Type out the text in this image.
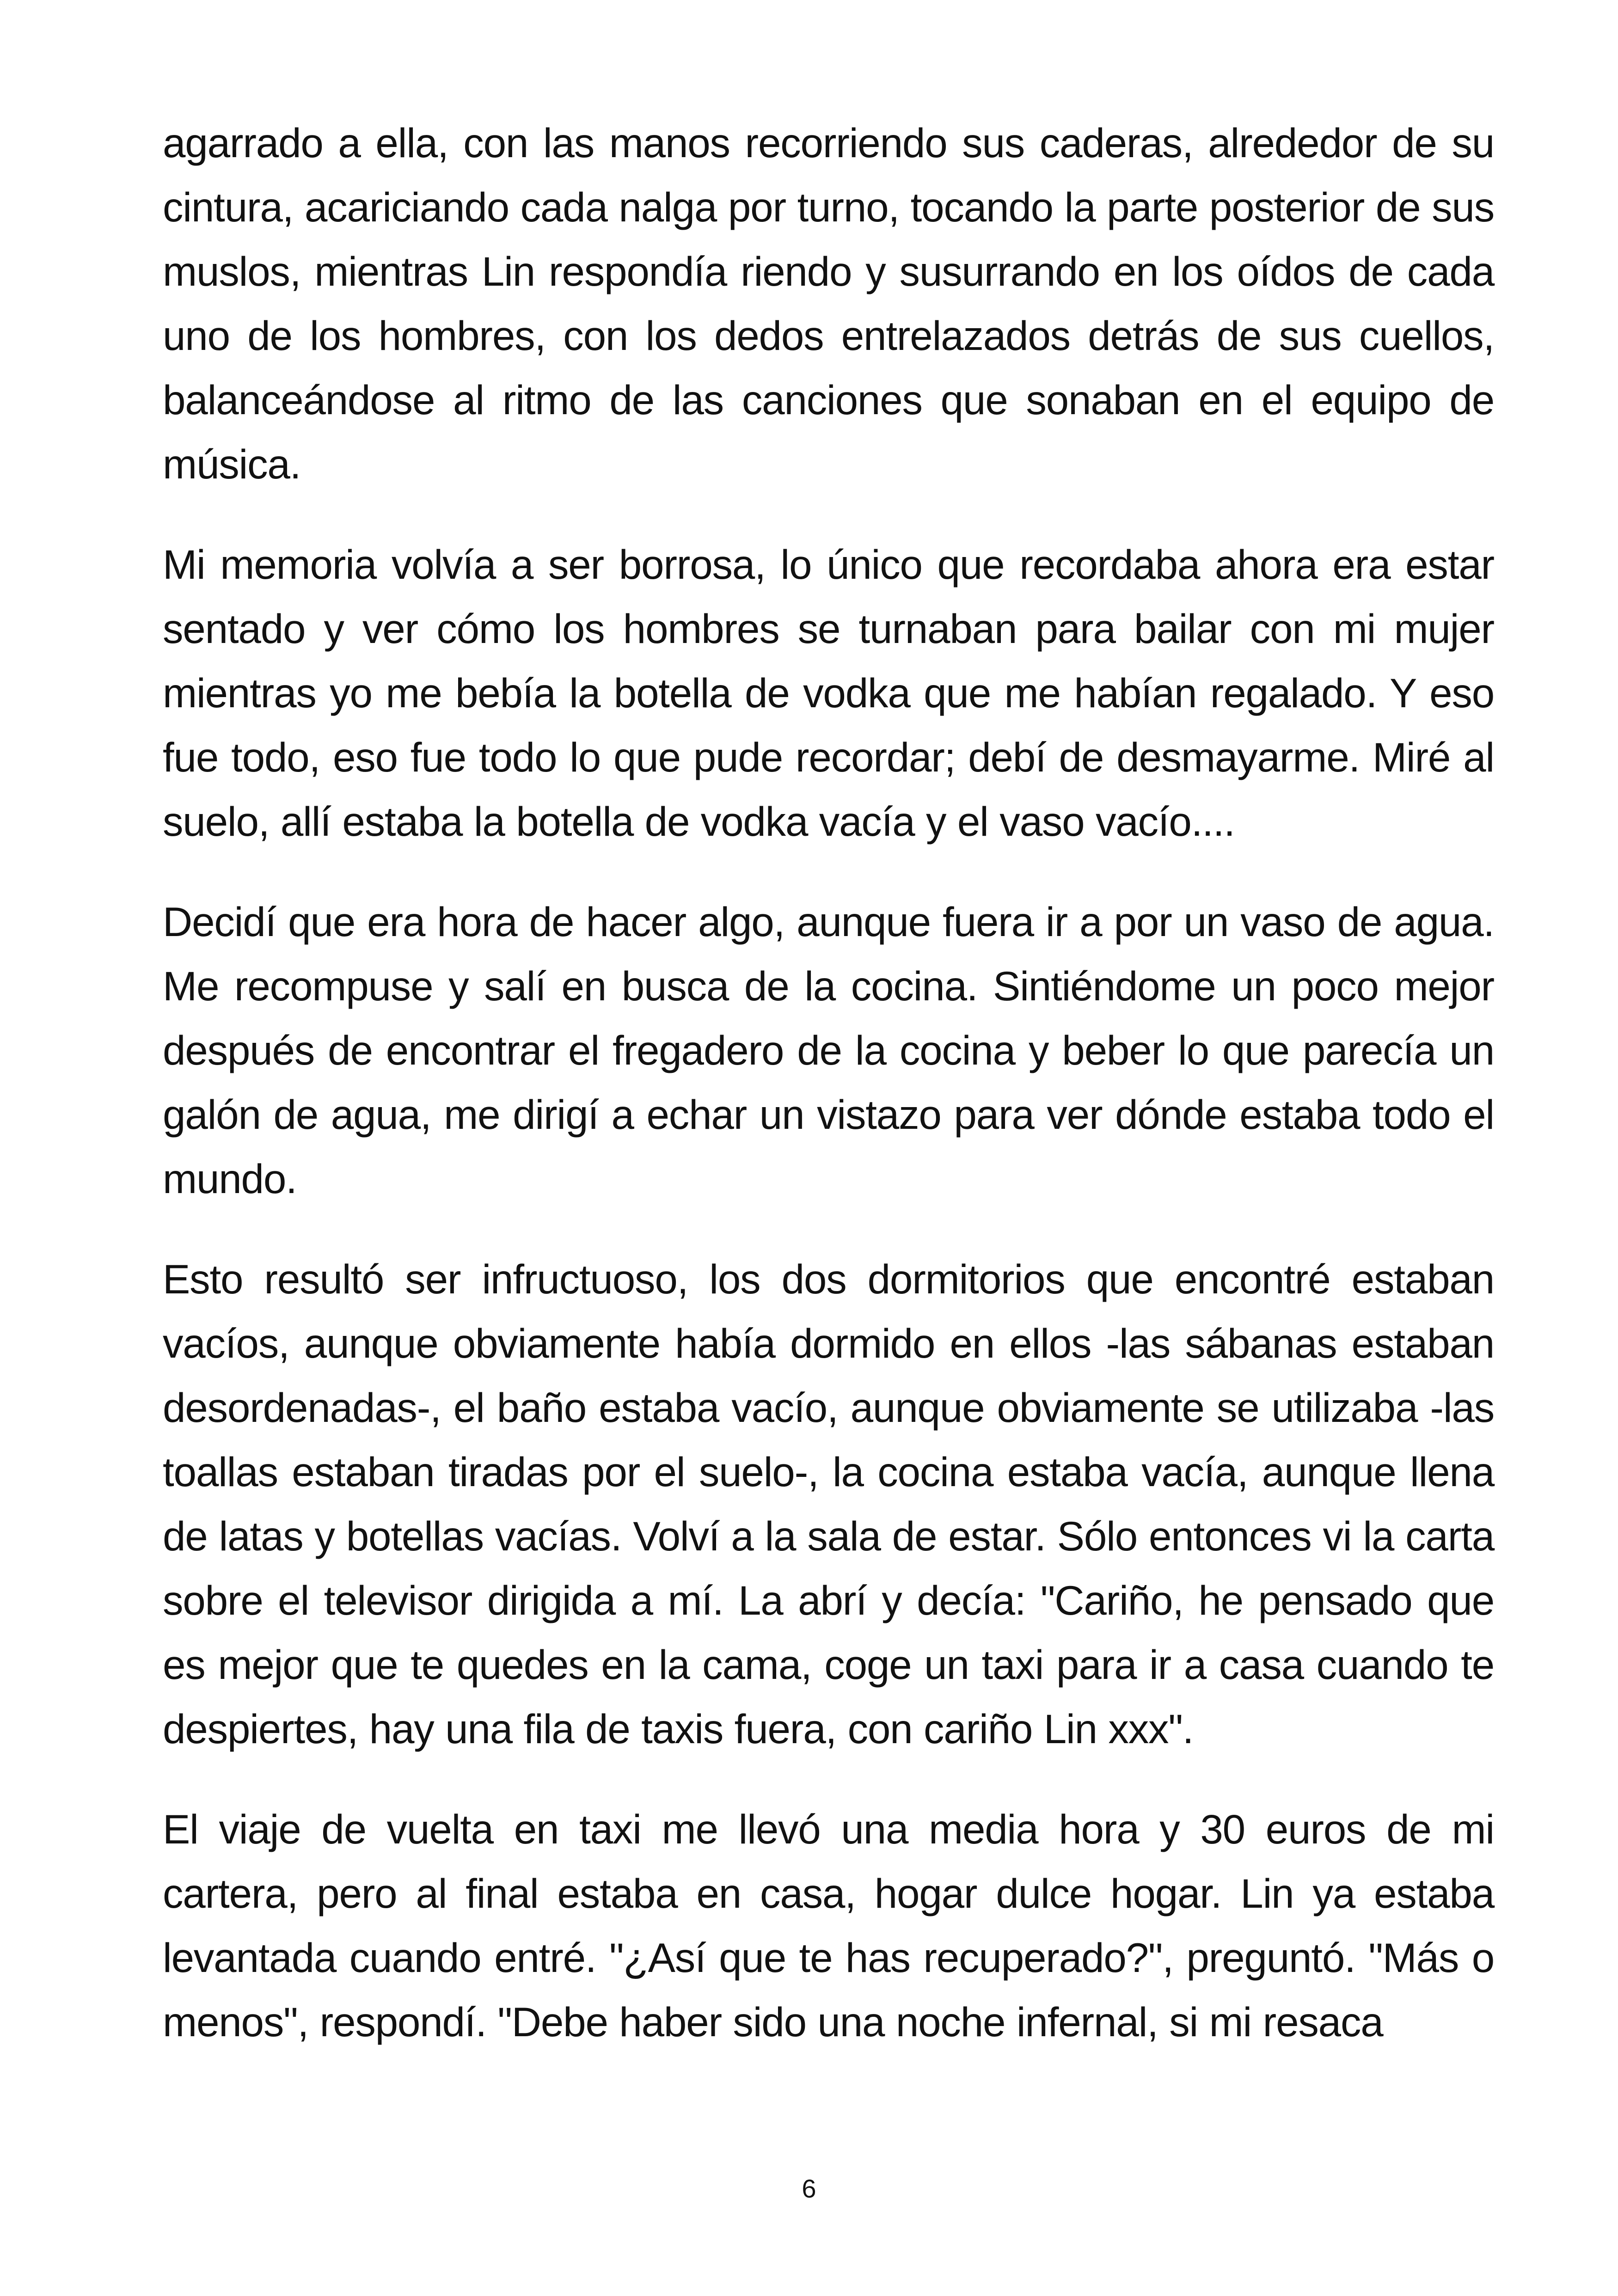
agarrado a ella, con las manos recorriendo sus caderas, alrededor de su cintura, acariciando cada nalga por turno, tocando la parte posterior de sus muslos, mientras Lin respondía riendo y susurrando en los oídos de cada uno de los hombres, con los dedos entrelazados detrás de sus cuellos, balanceándose al ritmo de las canciones que sonaban en el equipo de música.

Mi memoria volvía a ser borrosa, lo único que recordaba ahora era estar sentado y ver cómo los hombres se turnaban para bailar con mi mujer mientras yo me bebía la botella de vodka que me habían regalado. Y eso fue todo, eso fue todo lo que pude recordar; debí de desmayarme. Miré al suelo, allí estaba la botella de vodka vacía y el vaso vacío....

Decidí que era hora de hacer algo, aunque fuera ir a por un vaso de agua. Me recompuse y salí en busca de la cocina. Sintiéndome un poco mejor después de encontrar el fregadero de la cocina y beber lo que parecía un galón de agua, me dirigí a echar un vistazo para ver dónde estaba todo el mundo.

Esto resultó ser infructuoso, los dos dormitorios que encontré estaban vacíos, aunque obviamente había dormido en ellos -las sábanas estaban desordenadas-, el baño estaba vacío, aunque obviamente se utilizaba -las toallas estaban tiradas por el suelo-, la cocina estaba vacía, aunque llena de latas y botellas vacías. Volví a la sala de estar. Sólo entonces vi la carta sobre el televisor dirigida a mí. La abrí y decía: "Cariño, he pensado que es mejor que te quedes en la cama, coge un taxi para ir a casa cuando te despiertes, hay una fila de taxis fuera, con cariño Lin xxx".

El viaje de vuelta en taxi me llevó una media hora y 30 euros de mi cartera, pero al final estaba en casa, hogar dulce hogar. Lin ya estaba levantada cuando entré. "¿Así que te has recuperado?", preguntó. "Más o menos", respondí. "Debe haber sido una noche infernal, si mi resaca

6
